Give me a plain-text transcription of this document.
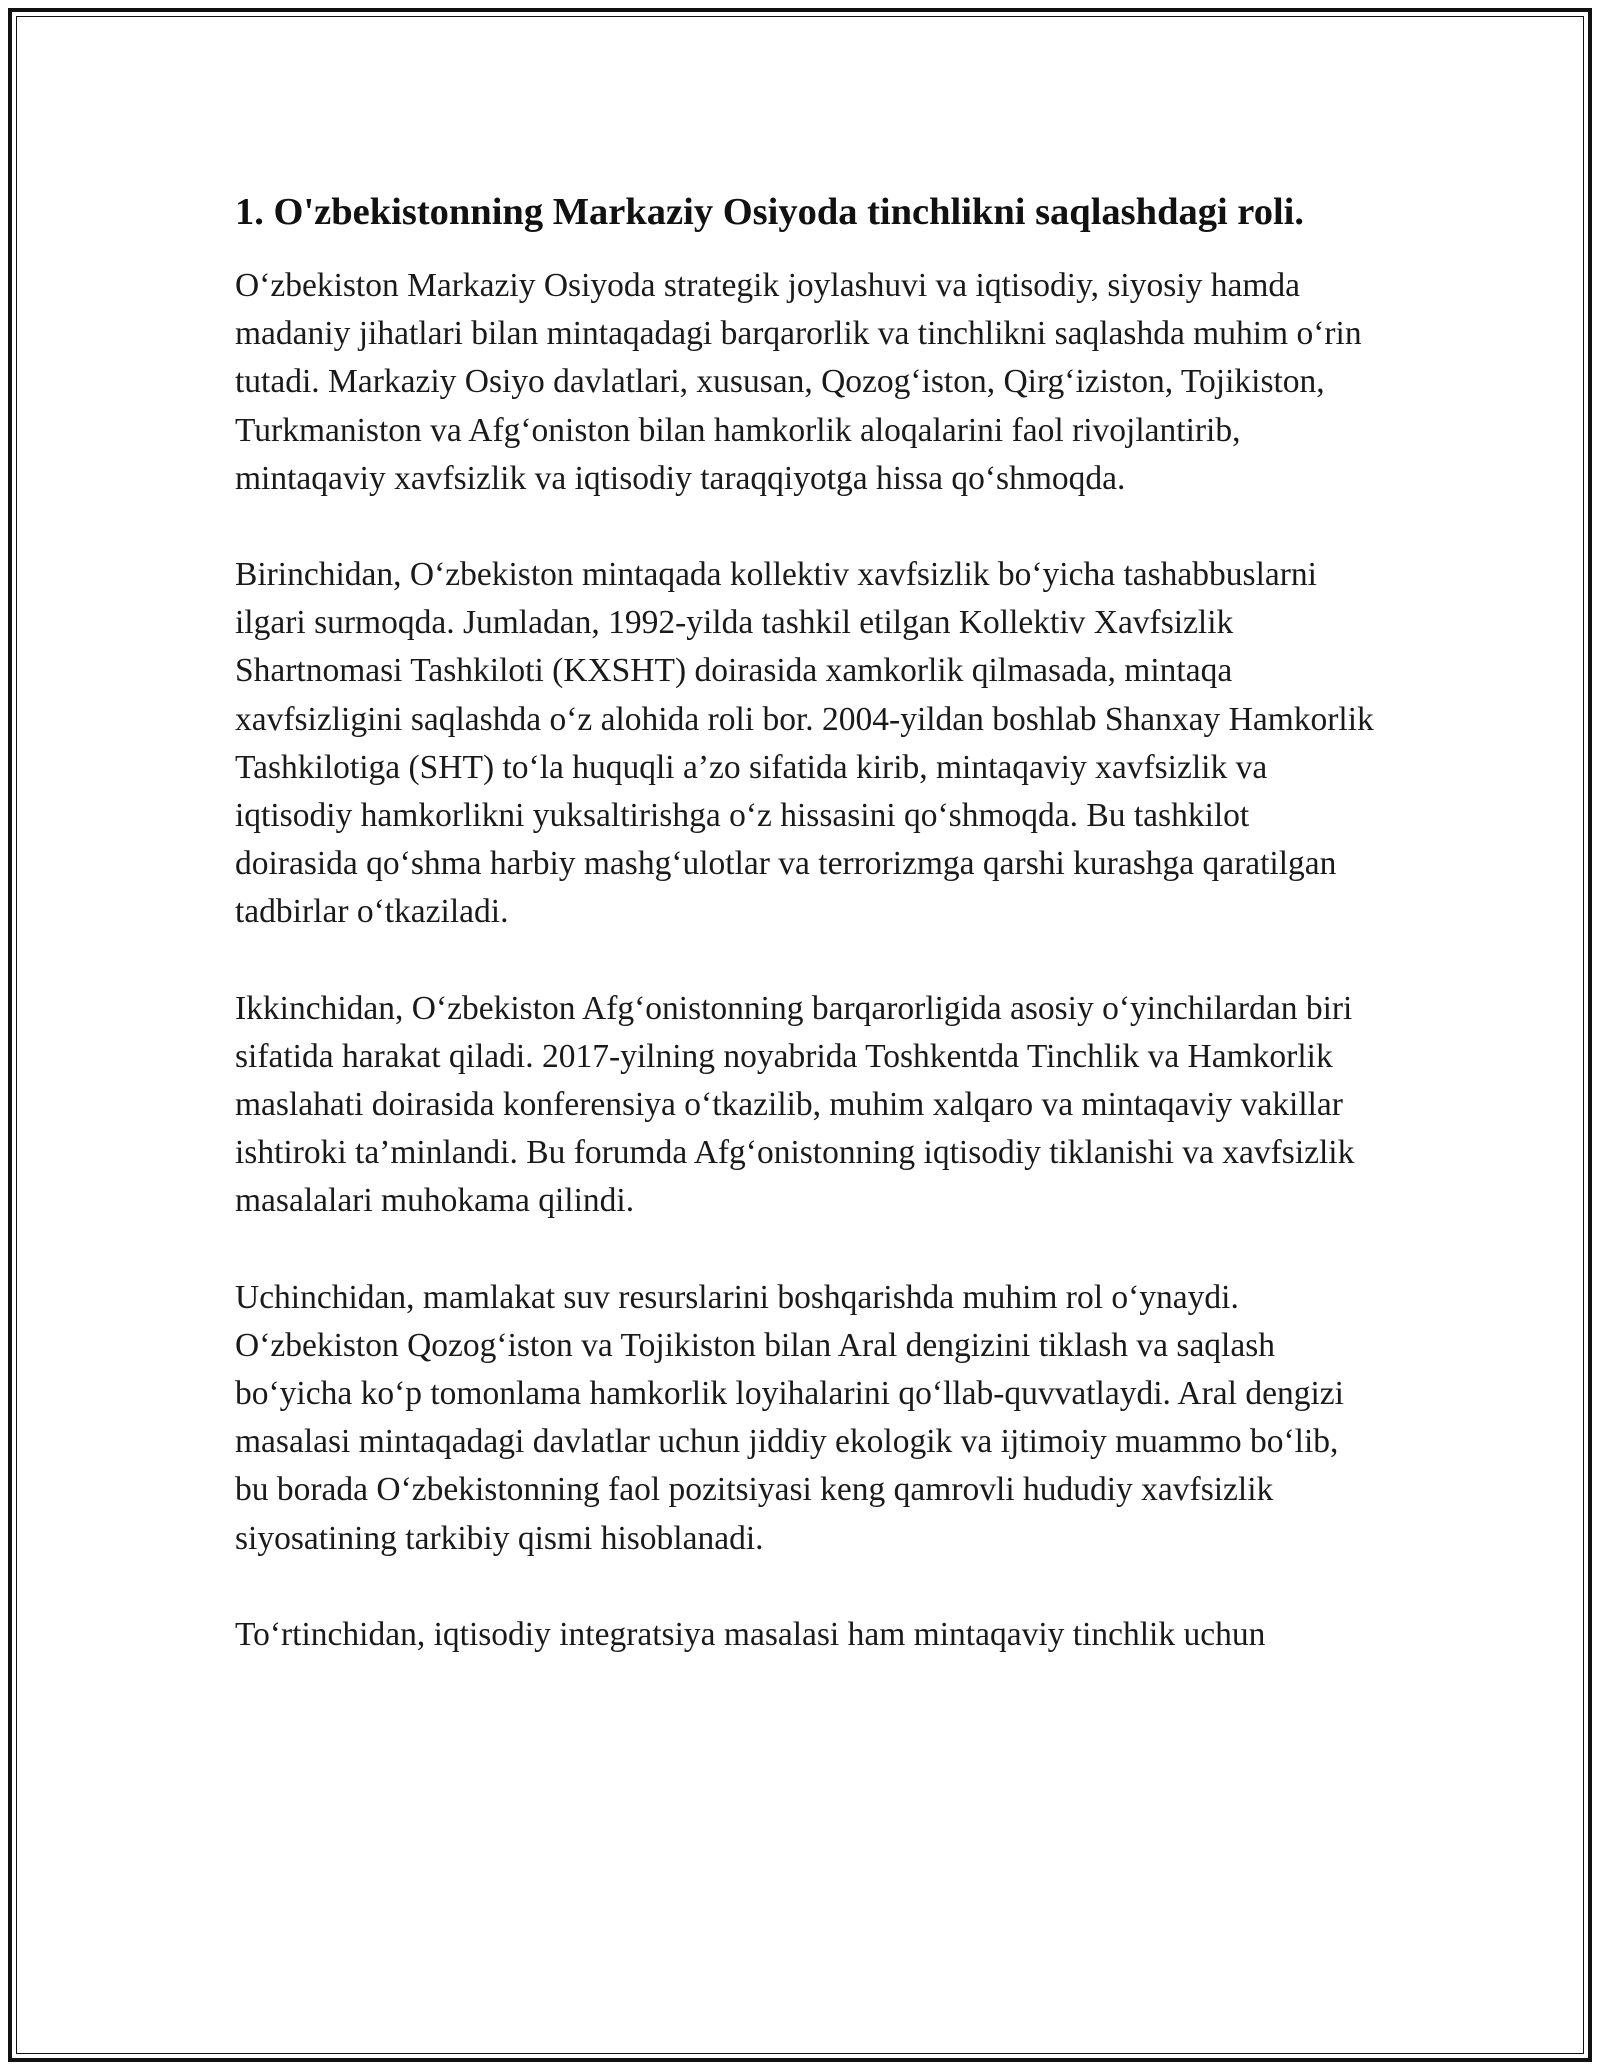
1. O'zbekistonning Markaziy Osiyoda tinchlikni saqlashdagi roli.

O‘zbekiston Markaziy Osiyoda strategik joylashuvi va iqtisodiy, siyosiy hamda madaniy jihatlari bilan mintaqadagi barqarorlik va tinchlikni saqlashda muhim o‘rin tutadi. Markaziy Osiyo davlatlari, xususan, Qozog‘iston, Qirg‘iziston, Tojikiston, Turkmaniston va Afg‘oniston bilan hamkorlik aloqalarini faol rivojlantirib, mintaqaviy xavfsizlik va iqtisodiy taraqqiyotga hissa qo‘shmoqda.

Birinchidan, O‘zbekiston mintaqada kollektiv xavfsizlik bo‘yicha tashabbuslarni ilgari surmoqda. Jumladan, 1992-yilda tashkil etilgan Kollektiv Xavfsizlik Shartnomasi Tashkiloti (KXSHT) doirasida xamkorlik qilmasada, mintaqa xavfsizligini saqlashda o‘z alohida roli bor. 2004-yildan boshlab Shanxay Hamkorlik Tashkilotiga (SHT) to‘la huquqli a’zo sifatida kirib, mintaqaviy xavfsizlik va iqtisodiy hamkorlikni yuksaltirishga o‘z hissasini qo‘shmoqda. Bu tashkilot doirasida qo‘shma harbiy mashg‘ulotlar va terrorizmga qarshi kurashga qaratilgan tadbirlar o‘tkaziladi.

Ikkinchidan, O‘zbekiston Afg‘onistonning barqarorligida asosiy o‘yinchilardan biri sifatida harakat qiladi. 2017-yilning noyabrida Toshkentda Tinchlik va Hamkorlik maslahati doirasida konferensiya o‘tkazilib, muhim xalqaro va mintaqaviy vakillar ishtiroki ta’minlandi. Bu forumda Afg‘onistonning iqtisodiy tiklanishi va xavfsizlik masalalari muhokama qilindi.

Uchinchidan, mamlakat suv resurslarini boshqarishda muhim rol o‘ynaydi. O‘zbekiston Qozog‘iston va Tojikiston bilan Aral dengizini tiklash va saqlash bo‘yicha ko‘p tomonlama hamkorlik loyihalarini qo‘llab-quvvatlaydi. Aral dengizi masalasi mintaqadagi davlatlar uchun jiddiy ekologik va ijtimoiy muammo bo‘lib, bu borada O‘zbekistonning faol pozitsiyasi keng qamrovli hududiy xavfsizlik siyosatining tarkibiy qismi hisoblanadi.

To‘rtinchidan, iqtisodiy integratsiya masalasi ham mintaqaviy tinchlik uchun
